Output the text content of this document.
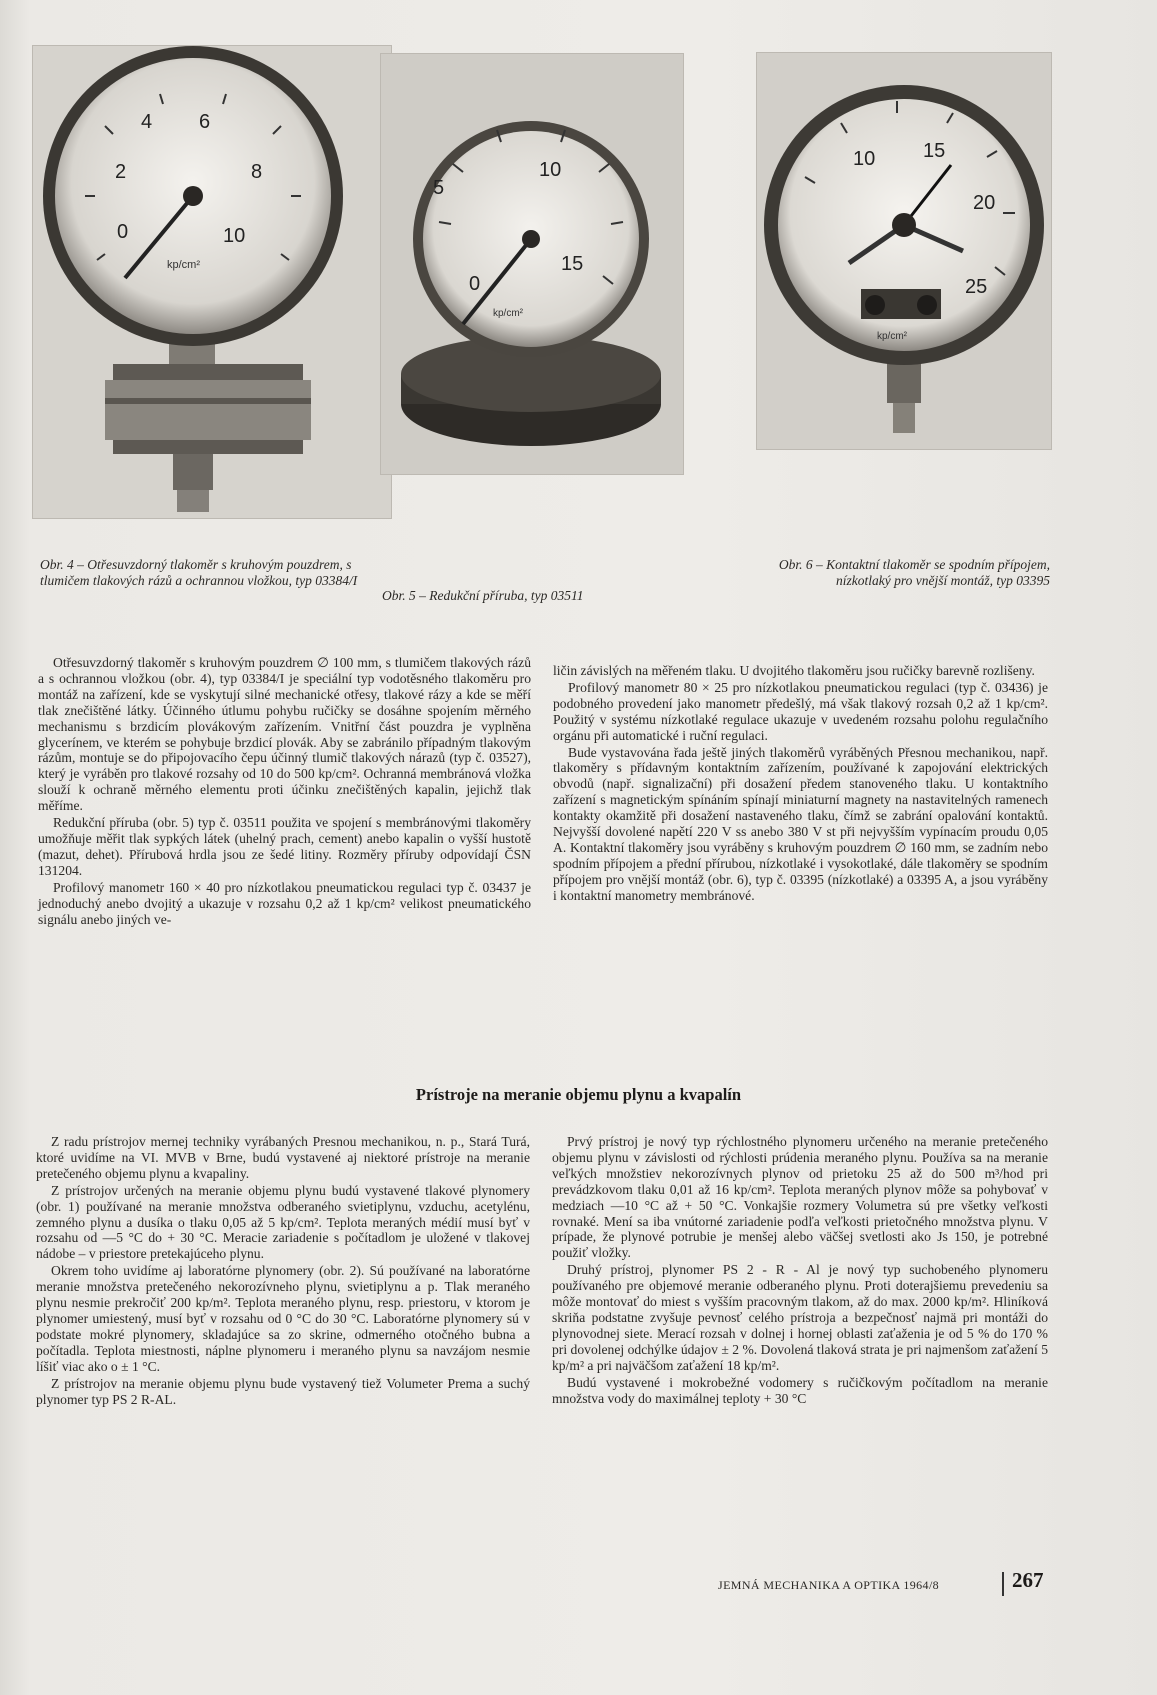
2
4 6
8
0	10
kp/cm²
5
10
15
0
kp/cm²
10 15
20
25
kp/cm²
Obr. 4 – Otřesuvzdorný tlakoměr s kruhovým pouzdrem, s tlumičem tlakových rázů a ochrannou vložkou, typ 03384/I
Obr. 5 – Redukční příruba, typ 03511
Obr. 6 – Kontaktní tlakoměr se spodním přípojem, nízkotlaký pro vnější montáž, typ 03395

Otřesuvzdorný tlakoměr s kruhovým pouzdrem ∅ 100 mm, s tlumičem tlakových rázů a s ochrannou vložkou (obr. 4), typ 03384/I je speciální typ vodotěsného tlakoměru pro montáž na zařízení, kde se vyskytují silné mechanické otřesy, tlakové rázy a kde se měří tlak znečištěné látky. Účinného útlumu pohybu ručičky se dosáhne spojením měrného mechanismu s brzdicím plovákovým zařízením. Vnitřní část pouzdra je vyplněna glycerínem, ve kterém se pohybuje brzdicí plovák. Aby se zabránilo případným tlakovým rázům, montuje se do připojovacího čepu účinný tlumič tlakových nárazů (typ č. 03527), který je vyráběn pro tlakové rozsahy od 10 do 500 kp/cm². Ochranná membránová vložka slouží k ochraně měrného elementu proti účinku znečištěných kapalin, jejichž tlak měříme.

Redukční příruba (obr. 5) typ č. 03511 použita ve spojení s membránovými tlakoměry umožňuje měřit tlak sypkých látek (uhelný prach, cement) anebo kapalin o vyšší hustotě (mazut, dehet). Přírubová hrdla jsou ze šedé litiny. Rozměry příruby odpovídají ČSN 131204.

Profilový manometr 160 × 40 pro nízkotlakou pneumatickou regulaci typ č. 03437 je jednoduchý anebo dvojitý a ukazuje v rozsahu 0,2 až 1 kp/cm² velikost pneumatického signálu anebo jiných ve-

ličin závislých na měřeném tlaku. U dvojitého tlakoměru jsou ručičky barevně rozlišeny.

Profilový manometr 80 × 25 pro nízkotlakou pneumatickou regulaci (typ č. 03436) je podobného provedení jako manometr předešlý, má však tlakový rozsah 0,2 až 1 kp/cm². Použitý v systému nízkotlaké regulace ukazuje v uvedeném rozsahu polohu regulačního orgánu při automatické i ruční regulaci.

Bude vystavována řada ještě jiných tlakoměrů vyráběných Přesnou mechanikou, např. tlakoměry s přídavným kontaktním zařízením, používané k zapojování elektrických obvodů (např. signalizační) při dosažení předem stanoveného tlaku. U kontaktního zařízení s magnetickým spínáním spínají miniaturní magnety na nastavitelných ramenech kontakty okamžitě při dosažení nastaveného tlaku, čímž se zabrání opalování kontaktů. Nejvyšší dovolené napětí 220 V ss anebo 380 V st při nejvyšším vypínacím proudu 0,05 A. Kontaktní tlakoměry jsou vyráběny s kruhovým pouzdrem ∅ 160 mm, se zadním nebo spodním přípojem a přední přírubou, nízkotlaké i vysokotlaké, dále tlakoměry se spodním přípojem pro vnější montáž (obr. 6), typ č. 03395 (nízkotlaké) a 03395 A, a jsou vyráběny i kontaktní manometry membránové.

Prístroje na meranie objemu plynu a kvapalín

Z radu prístrojov mernej techniky vyrábaných Presnou mechanikou, n. p., Stará Turá, ktoré uvidíme na VI. MVB v Brne, budú vystavené aj niektoré prístroje na meranie pretečeného objemu plynu a kvapaliny.

Z prístrojov určených na meranie objemu plynu budú vystavené tlakové plynomery (obr. 1) používané na meranie množstva odberaného svietiplynu, vzduchu, acetylénu, zemného plynu a dusíka o tlaku 0,05 až 5 kp/cm². Teplota meraných médií musí byť v rozsahu od —5 °C do + 30 °C. Meracie zariadenie s počítadlom je uložené v tlakovej nádobe – v priestore pretekajúceho plynu.

Okrem toho uvidíme aj laboratórne plynomery (obr. 2). Sú používané na laboratórne meranie množstva pretečeného nekorozívneho plynu, svietiplynu a p. Tlak meraného plynu nesmie prekročiť 200 kp/m². Teplota meraného plynu, resp. priestoru, v ktorom je plynomer umiestený, musí byť v rozsahu od 0 °C do 30 °C. Laboratórne plynomery sú v podstate mokré plynomery, skladajúce sa zo skrine, odmerného otočného bubna a počítadla. Teplota miestnosti, náplne plynomeru i meraného plynu sa navzájom nesmie líšiť viac ako o ± 1 °C.

Z prístrojov na meranie objemu plynu bude vystavený tiež Volumeter Prema a suchý plynomer typ PS 2 R-AL.

Prvý prístroj je nový typ rýchlostného plynomeru určeného na meranie pretečeného objemu plynu v závislosti od rýchlosti prúdenia meraného plynu. Používa sa na meranie veľkých množstiev nekorozívnych plynov od prietoku 25 až do 500 m³/hod pri prevádzkovom tlaku 0,01 až 16 kp/cm². Teplota meraných plynov môže sa pohybovať v medziach —10 °C až + 50 °C. Vonkajšie rozmery Volumetra sú pre všetky veľkosti rovnaké. Mení sa iba vnútorné zariadenie podľa veľkosti prietočného množstva plynu. V prípade, že plynové potrubie je menšej alebo väčšej svetlosti ako Js 150, je potrebné použiť vložky.

Druhý prístroj, plynomer PS 2 - R - Al je nový typ suchobeného plynomeru používaného pre objemové meranie odberaného plynu. Proti doterajšiemu prevedeniu sa môže montovať do miest s vyšším pracovným tlakom, až do max. 2000 kp/m². Hliníková skriňa podstatne zvyšuje pevnosť celého prístroja a bezpečnosť najmä pri montáži do plynovodnej siete. Merací rozsah v dolnej i hornej oblasti zaťaženia je od 5 % do 170 % pri dovolenej odchýlke údajov ± 2 %. Dovolená tlaková strata je pri najmenšom zaťažení 5 kp/m² a pri najväčšom zaťažení 18 kp/m².

Budú vystavené i mokrobežné vodomery s ručičkovým počítadlom na meranie množstva vody do maximálnej teploty + 30 °C

JEMNÁ MECHANIKA A OPTIKA 1964/8	267
